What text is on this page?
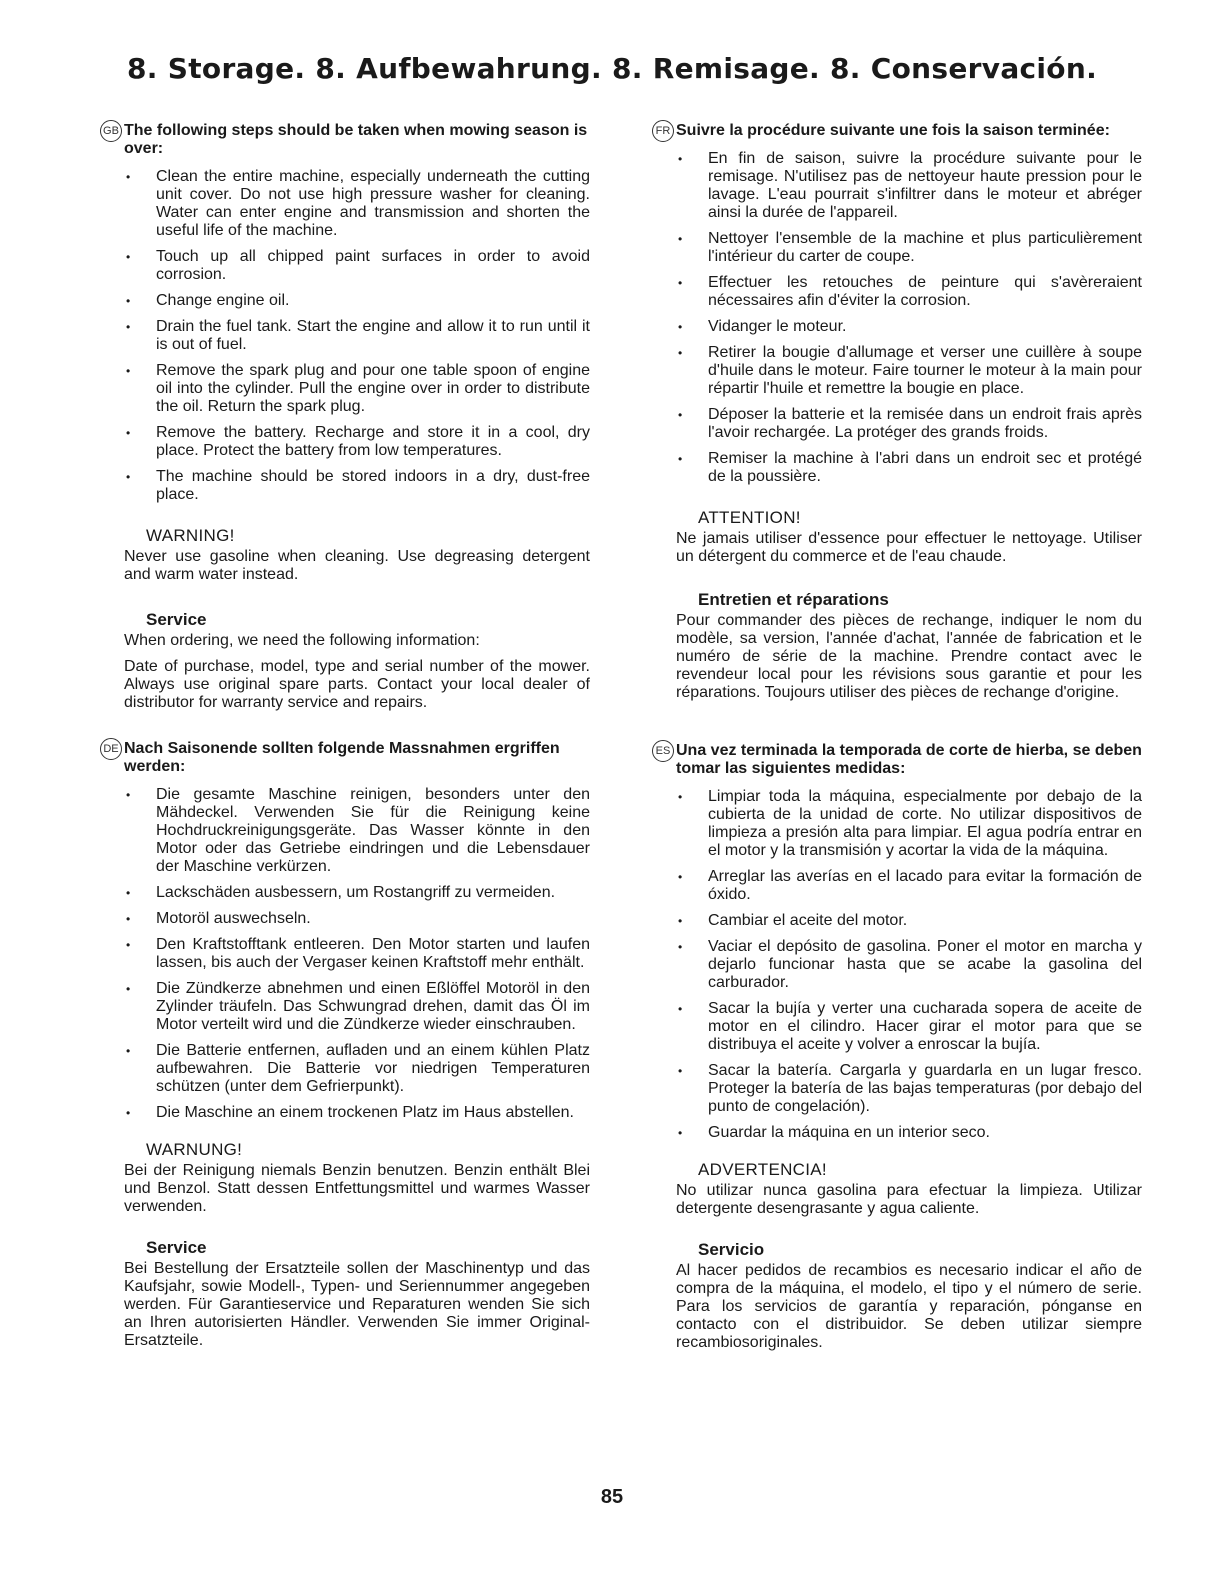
8. Storage. 8. Aufbewahrung. 8. Remisage. 8. Conservación.
GB The following steps should be taken when mowing season is over:
• Clean the entire machine, especially underneath the cutting unit cover. Do not use high pressure washer for cleaning. Water can enter engine and transmission and shorten the useful life of the machine.
• Touch up all chipped paint surfaces in order to avoid corrosion.
• Change engine oil.
• Drain the fuel tank. Start the engine and allow it to run until it is out of fuel.
• Remove the spark plug and pour one table spoon of engine oil into the cylinder. Pull the engine over in order to distribute the oil. Return the spark plug.
• Remove the battery. Recharge and store it in a cool, dry place. Protect the battery from low temperatures.
• The machine should be stored indoors in a dry, dust-free place.
WARNING!

Never use gasoline when cleaning. Use degreasing detergent and warm water instead.

Service

When ordering, we need the following information:

Date of purchase, model, type and serial number of the mower. Always use original spare parts. Contact your local dealer of distributor for warranty service and repairs.

DE Nach Saisonende sollten folgende Massnahmen ergriffen werden:
• Die gesamte Maschine reinigen, besonders unter den Mähdeckel. Verwenden Sie für die Reinigung keine Hochdruckreinigungsgeräte. Das Wasser könnte in den Motor oder das Getriebe eindringen und die Lebensdauer der Maschine verkürzen.
• Lackschäden ausbessern, um Rostangriff zu vermeiden.
• Motoröl auswechseln.
• Den Kraftstofftank entleeren. Den Motor starten und laufen lassen, bis auch der Vergaser keinen Kraftstoff mehr enthält.
• Die Zündkerze abnehmen und einen Eßlöffel Motoröl in den Zylinder träufeln. Das Schwungrad drehen, damit das Öl im Motor verteilt wird und die Zündkerze wieder einschrauben.
• Die Batterie entfernen, aufladen und an einem kühlen Platz aufbewahren. Die Batterie vor niedrigen Temperaturen schützen (unter dem Gefrierpunkt).
• Die Maschine an einem trockenen Platz im Haus abstellen.
WARNUNG!

Bei der Reinigung niemals Benzin benutzen. Benzin enthält Blei und Benzol. Statt dessen Entfettungsmittel und warmes Wasser verwenden.

Service

Bei Bestellung der Ersatzteile sollen der Maschinentyp und das Kaufsjahr, sowie Modell-, Typen- und Seriennummer angegeben werden. Für Garantieservice und Reparaturen wenden Sie sich an Ihren autorisierten Händler. Verwenden Sie immer Original-Ersatzteile.

FR Suivre la procédure suivante une fois la saison terminée:
• En fin de saison, suivre la procédure suivante pour le remisage. N'utilisez pas de nettoyeur haute pression pour le lavage. L'eau pourrait s'infiltrer dans le moteur et abréger ainsi la durée de l'appareil.
• Nettoyer l'ensemble de la machine et plus particulièrement l'intérieur du carter de coupe.
• Effectuer les retouches de peinture qui s'avèreraient nécessaires afin d'éviter la corrosion.
• Vidanger le moteur.
• Retirer la bougie d'allumage et verser une cuillère à soupe d'huile dans le moteur. Faire tourner le moteur à la main pour répartir l'huile et remettre la bougie en place.
• Déposer la batterie et la remisée dans un endroit frais après l'avoir rechargée. La protéger des grands froids.
• Remiser la machine à l'abri dans un endroit sec et protégé de la poussière.
ATTENTION!

Ne jamais utiliser d'essence pour effectuer le nettoyage. Utiliser un détergent du commerce et de l'eau chaude.

Entretien et réparations

Pour commander des pièces de rechange, indiquer le nom du modèle, sa version, l'année d'achat, l'année de fabrication et le numéro de série de la machine. Prendre contact avec le revendeur local pour les révisions sous garantie et pour les réparations. Toujours utiliser des pièces de rechange d'origine.

ES Una vez terminada la temporada de corte de hierba, se deben tomar las siguientes medidas:
• Limpiar toda la máquina, especialmente por debajo de la cubierta de la unidad de corte. No utilizar dispositivos de limpieza a presión alta para limpiar. El agua podría entrar en el motor y la transmisión y acortar la vida de la máquina.
• Arreglar las averías en el lacado para evitar la formación de óxido.
• Cambiar el aceite del motor.
• Vaciar el depósito de gasolina. Poner el motor en marcha y dejarlo funcionar hasta que se acabe la gasolina del carburador.
• Sacar la bujía y verter una cucharada sopera de aceite de motor en el cilindro. Hacer girar el motor para que se distribuya el aceite y volver a enroscar la bujía.
• Sacar la batería. Cargarla y guardarla en un lugar fresco. Proteger la batería de las bajas temperaturas (por debajo del punto de congelación).
• Guardar la máquina en un interior seco.
ADVERTENCIA!

No utilizar nunca gasolina para efectuar la limpieza. Utilizar detergente desengrasante y agua caliente.

Servicio

Al hacer pedidos de recambios es necesario indicar el año de compra de la máquina, el modelo, el tipo y el número de serie. Para los servicios de garantía y reparación, pónganse en contacto con el distribuidor. Se deben utilizar siempre recambiosoriginales.

85
